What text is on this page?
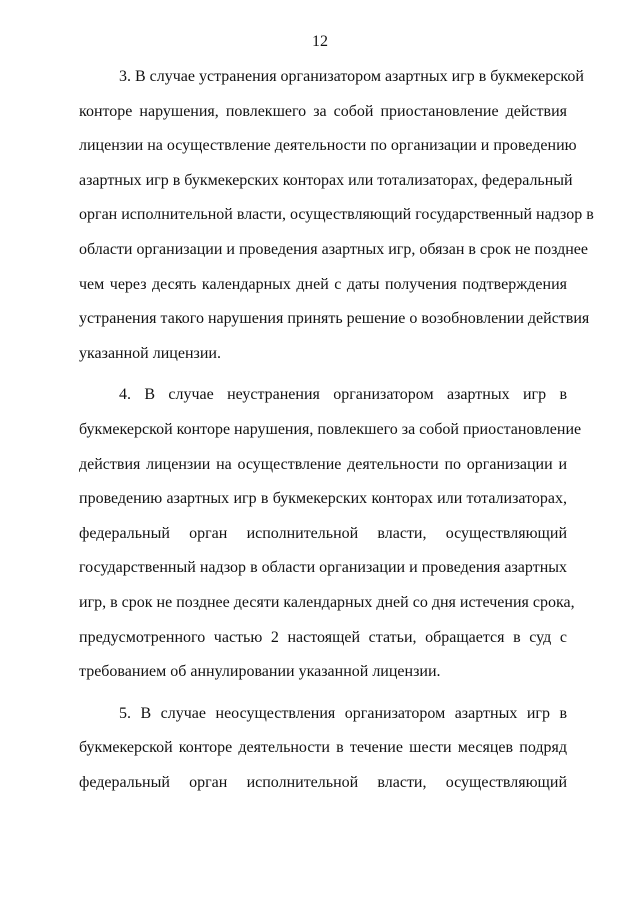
12
3. В случае устранения организатором азартных игр в букмекерской
конторе нарушения, повлекшего за собой приостановление действия
лицензии на осуществление деятельности по организации и проведению
азартных игр в букмекерских конторах или тотализаторах, федеральный
орган исполнительной власти, осуществляющий государственный надзор в
области организации и проведения азартных игр, обязан в срок не позднее
чем через десять календарных дней с даты получения подтверждения
устранения такого нарушения принять решение о возобновлении действия
указанной лицензии.
4. В случае неустранения организатором азартных игр в
букмекерской конторе нарушения, повлекшего за собой приостановление
действия лицензии на осуществление деятельности по организации и
проведению азартных игр в букмекерских конторах или тотализаторах,
федеральный орган исполнительной власти, осуществляющий
государственный надзор в области организации и проведения азартных
игр, в срок не позднее десяти календарных дней со дня истечения срока,
предусмотренного частью 2 настоящей статьи, обращается в суд с
требованием об аннулировании указанной лицензии.
5. В случае неосуществления организатором азартных игр в
букмекерской конторе деятельности в течение шести месяцев подряд
федеральный орган исполнительной власти, осуществляющий
